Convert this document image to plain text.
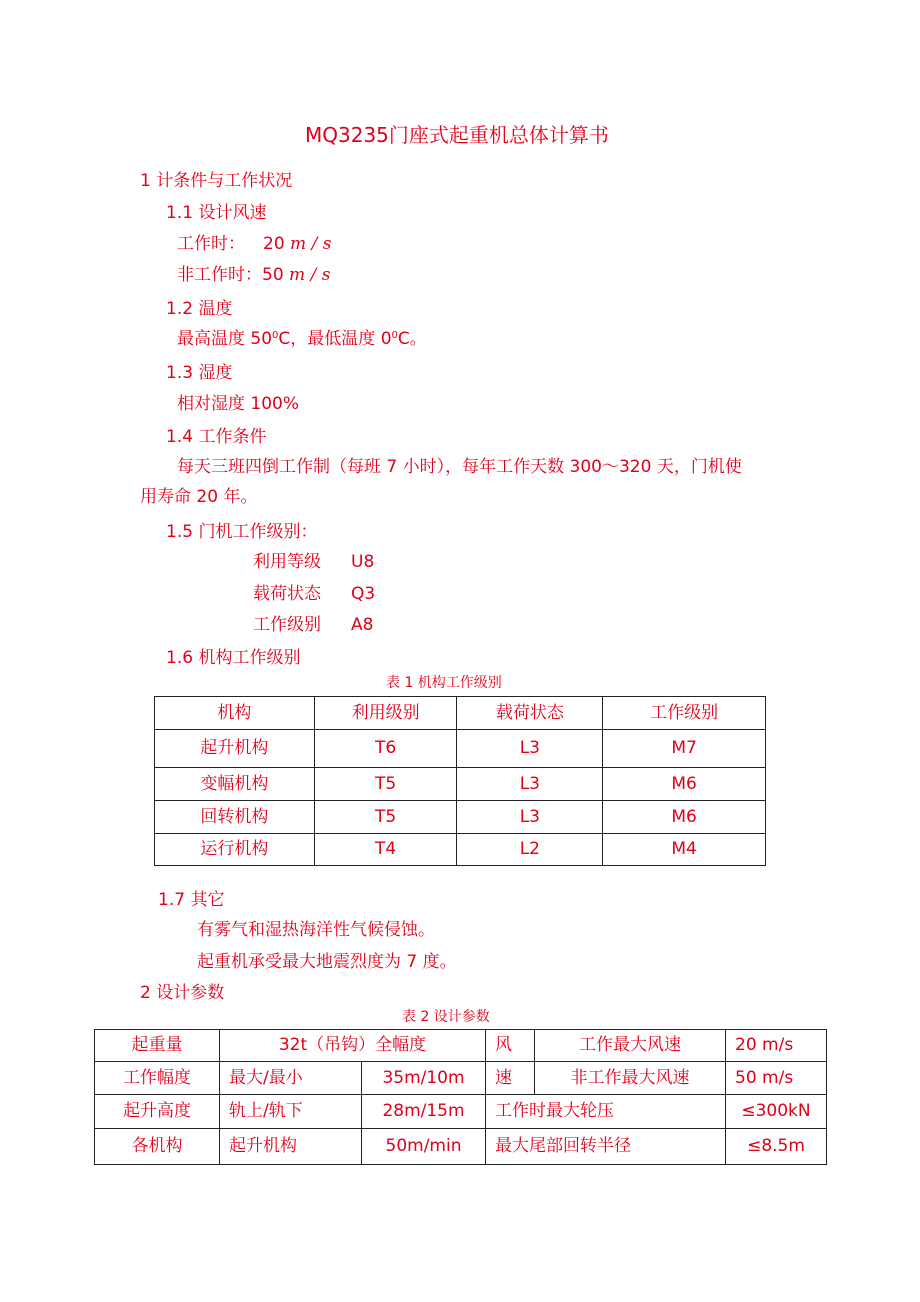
MQ3235门座式起重机总体计算书
1 计条件与工作状况
1.1 设计风速
工作时： 20 m / s
非工作时：50 m / s
1.2 温度
最高温度 $50^0C$，最低温度 $0^0C$。
1.3 湿度
相对湿度 100%
1.4 工作条件
每天三班四倒工作制（每班 7 小时），每年工作天数 300～320 天，门机使
用寿命 20 年。
1.5 门机工作级别：
利用等级 U8
载荷状态 Q3
工作级别 A8
1.6 机构工作级别
表 1 机构工作级别
机构	利用级别	载荷状态	工作级别
起升机构	T6	L3	M7
变幅机构	T5	L3	M6
回转机构	T5	L3	M6
运行机构	T4	L2	M4
1.7 其它
有雾气和湿热海洋性气候侵蚀。
起重机承受最大地震烈度为 7 度。
2 设计参数
表 2 设计参数
起重量	32t（吊钩）全幅度		风	工作最大风速	20 m/s
工作幅度	最大/最小	35m/10m	速	非工作最大风速	50 m/s
起升高度	轨上/轨下	28m/15m	工作时最大轮压		≤300kN
各机构	起升机构	50m/min	最大尾部回转半径		≤8.5m
